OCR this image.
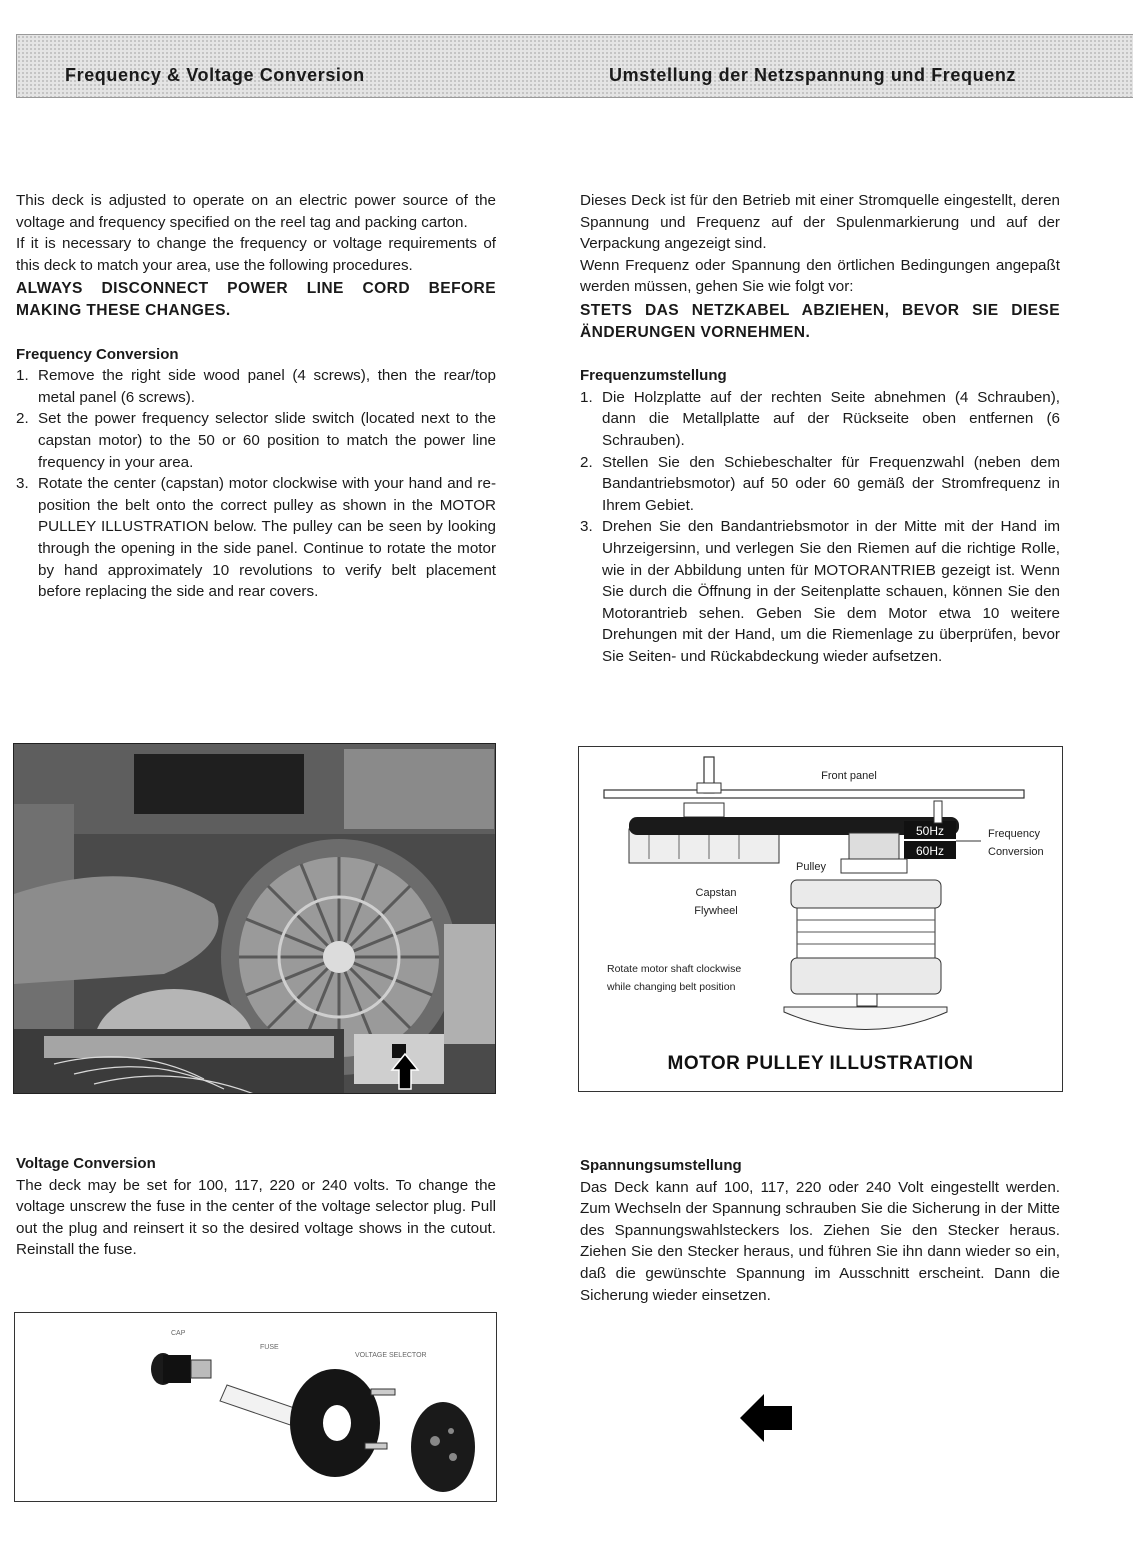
Frequency & Voltage Conversion	Umstellung der Netzspannung und Frequenz

This deck is adjusted to operate on an electric power source of the voltage and frequency specified on the reel tag and packing carton.

If it is necessary to change the frequency or voltage requirements of this deck to match your area, use the following procedures.

ALWAYS DISCONNECT POWER LINE CORD BEFORE MAKING THESE CHANGES.

Frequency Conversion

1. Remove the right side wood panel (4 screws), then the rear/top metal panel (6 screws).
2. Set the power frequency selector slide switch (located next to the capstan motor) to the 50 or 60 position to match the power line frequency in your area.
3. Rotate the center (capstan) motor clockwise with your hand and re-position the belt onto the correct pulley as shown in the MOTOR PULLEY ILLUSTRATION below. The pulley can be seen by looking through the opening in the side panel. Continue to rotate the motor by hand approximately 10 revolutions to verify belt placement before replacing the side and rear covers.

Dieses Deck ist für den Betrieb mit einer Stromquelle eingestellt, deren Spannung und Frequenz auf der Spulenmarkierung und auf der Verpackung angezeigt sind.

Wenn Frequenz oder Spannung den örtlichen Bedingungen angepaßt werden müssen, gehen Sie wie folgt vor:

STETS DAS NETZKABEL ABZIEHEN, BEVOR SIE DIESE ÄNDERUNGEN VORNEHMEN.

Frequenzumstellung

1. Die Holzplatte auf der rechten Seite abnehmen (4 Schrauben), dann die Metallplatte auf der Rückseite oben entfernen (6 Schrauben).
2. Stellen Sie den Schiebeschalter für Frequenzwahl (neben dem Bandantriebsmotor) auf 50 oder 60 gemäß der Stromfrequenz in Ihrem Gebiet.
3. Drehen Sie den Bandantriebsmotor in der Mitte mit der Hand im Uhrzeigersinn, und verlegen Sie den Riemen auf die richtige Rolle, wie in der Abbildung unten für MOTORANTRIEB gezeigt ist. Wenn Sie durch die Öffnung in der Seitenplatte schauen, können Sie den Motorantrieb sehen. Geben Sie dem Motor etwa 10 weitere Drehungen mit der Hand, um die Riemenlage zu überprüfen, bevor Sie Seiten- und Rückabdeckung wieder aufsetzen.
50Hz
60Hz
Front panel
Frequency
Conversion
Pulley
Capstan
Flywheel
Rotate motor shaft clockwise
while changing belt position
MOTOR PULLEY ILLUSTRATION

Voltage Conversion

The deck may be set for 100, 117, 220 or 240 volts. To change the voltage unscrew the fuse in the center of the voltage selector plug. Pull out the plug and reinsert it so the desired voltage shows in the cutout. Reinstall the fuse.

Spannungsumstellung

Das Deck kann auf 100, 117, 220 oder 240 Volt eingestellt werden. Zum Wechseln der Spannung schrauben Sie die Sicherung in der Mitte des Spannungswahlsteckers los. Ziehen Sie den Stecker heraus. Ziehen Sie den Stecker heraus, und führen Sie ihn dann wieder so ein, daß die gewünschte Spannung im Ausschnitt erscheint. Dann die Sicherung wieder einsetzen.

CAP
FUSE
VOLTAGE SELECTOR
